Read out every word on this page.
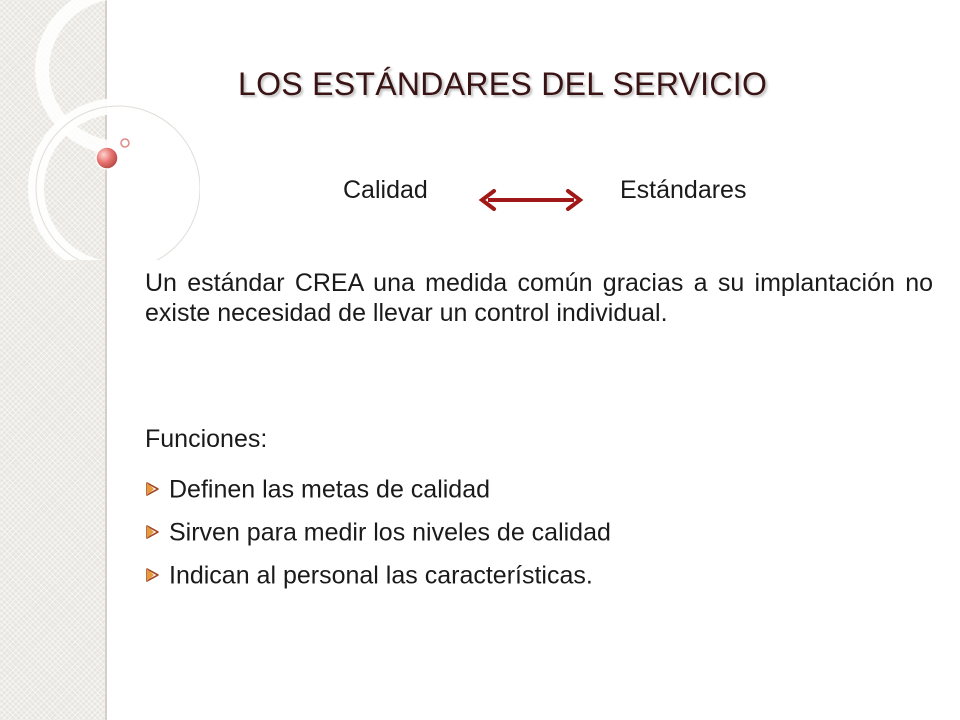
LOS ESTÁNDARES DEL SERVICIO
Calidad	Estándares
Un estándar CREA una medida común gracias a su implantación no existe necesidad de llevar un control individual.
Funciones:
Definen las metas de calidad
Sirven para medir los niveles de calidad
Indican al personal las características.
